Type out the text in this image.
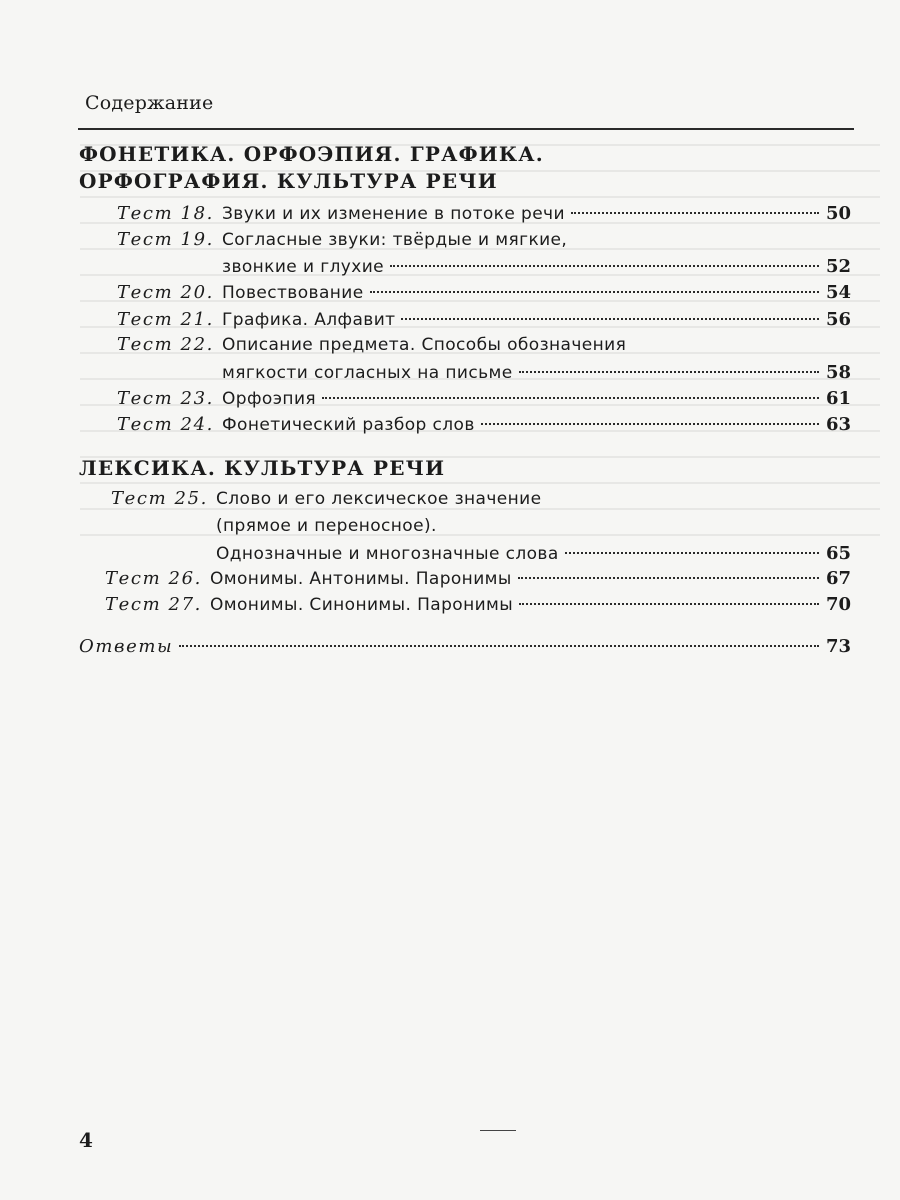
Содержание
ФОНЕТИКА. ОРФОЭПИЯ. ГРАФИКА.
ОРФОГРАФИЯ. КУЛЬТУРА РЕЧИ
Тест 18. Звуки и их изменение в потоке речи	50
Тест 19. Согласные звуки: твёрдые и мягкие,
звонкие и глухие	52
Тест 20. Повествование	54
Тест 21. Графика. Алфавит	56
Тест 22. Описание предмета. Способы обозначения
мягкости согласных на письме	58
Тест 23. Орфоэпия	61
Тест 24. Фонетический разбор слов	63
ЛЕКСИКА. КУЛЬТУРА РЕЧИ
Тест 25. Слово и его лексическое значение
(прямое и переносное).
Однозначные и многозначные слова	65
Тест 26. Омонимы. Антонимы. Паронимы	67
Тест 27. Омонимы. Синонимы. Паронимы	70
Ответы	73
4
